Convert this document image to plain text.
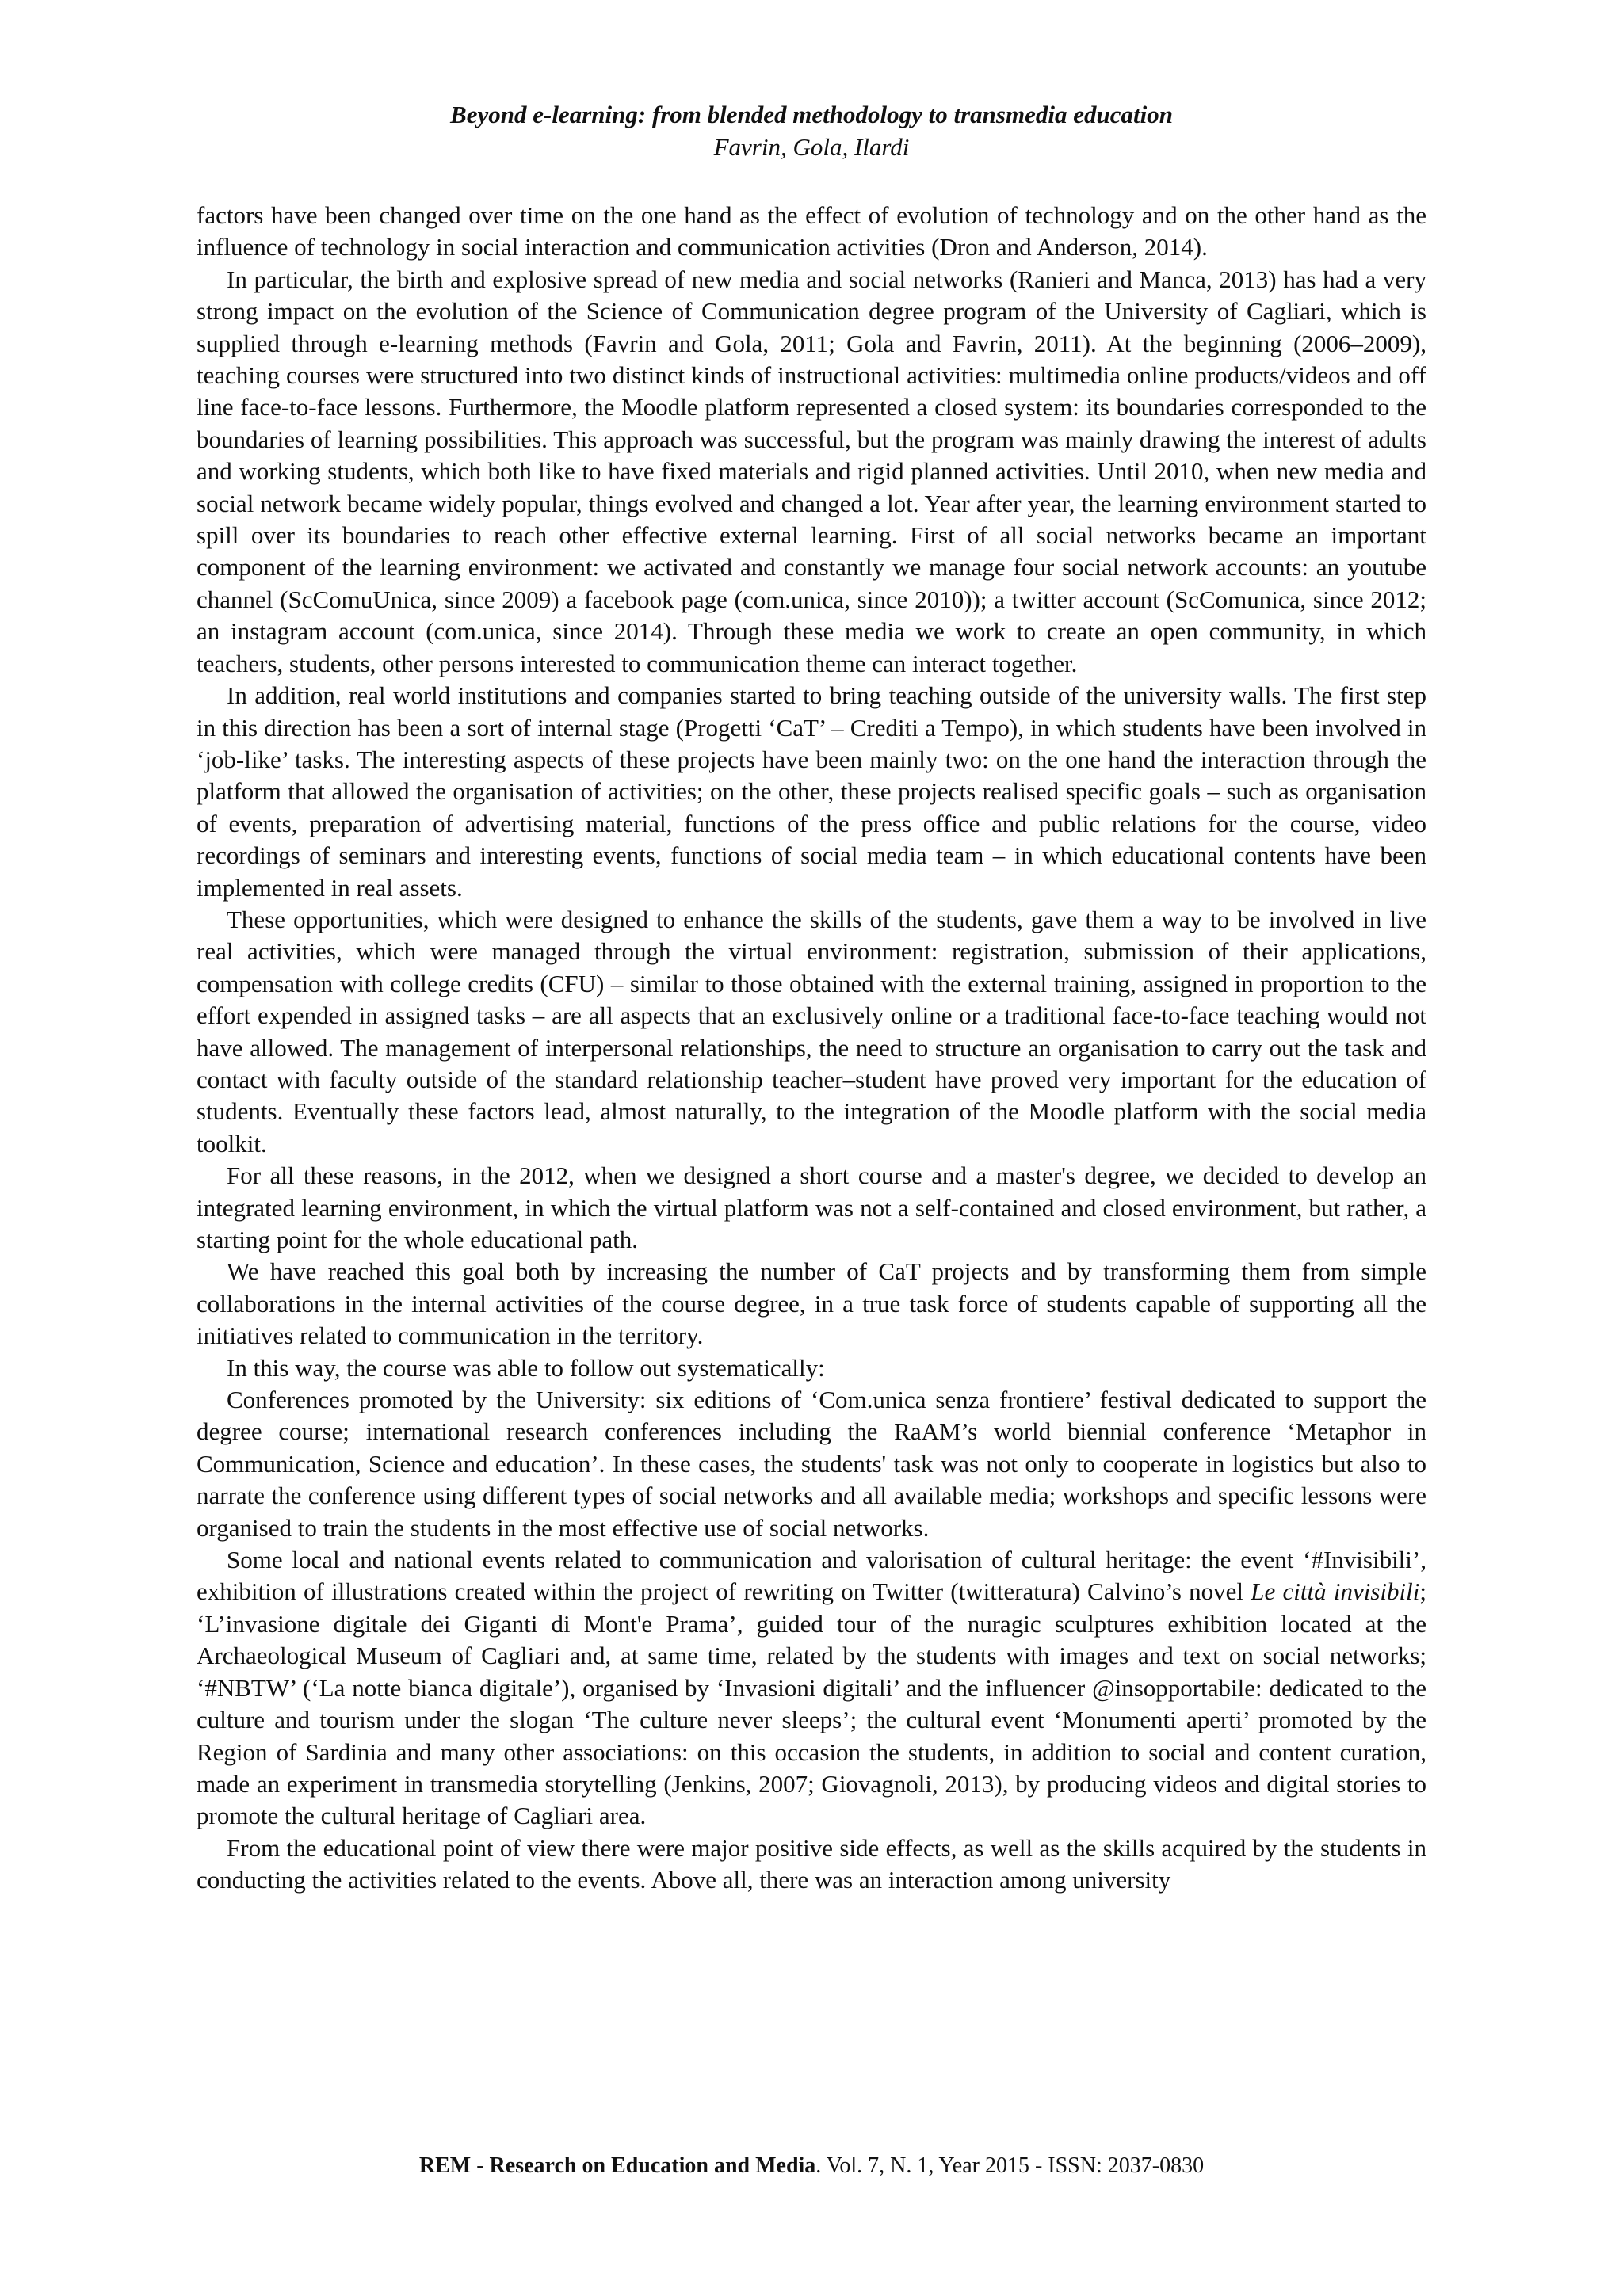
Beyond e-learning: from blended methodology to transmedia education
Favrin, Gola, Ilardi

factors have been changed over time on the one hand as the effect of evolution of technology and on the other hand as the influence of technology in social interaction and communication activities (Dron and Anderson, 2014).

In particular, the birth and explosive spread of new media and social networks (Ranieri and Manca, 2013) has had a very strong impact on the evolution of the Science of Communication degree program of the University of Cagliari, which is supplied through e-learning methods (Favrin and Gola, 2011; Gola and Favrin, 2011). At the beginning (2006–2009), teaching courses were structured into two distinct kinds of instructional activities: multimedia online products/videos and off line face-to-face lessons. Furthermore, the Moodle platform represented a closed system: its boundaries corresponded to the boundaries of learning possibilities. This approach was successful, but the program was mainly drawing the interest of adults and working students, which both like to have fixed materials and rigid planned activities. Until 2010, when new media and social network became widely popular, things evolved and changed a lot. Year after year, the learning environment started to spill over its boundaries to reach other effective external learning. First of all social networks became an important component of the learning environment: we activated and constantly we manage four social network accounts: an youtube channel (ScComuUnica, since 2009) a facebook page (com.unica, since 2010)); a twitter account (ScComunica, since 2012; an instagram account (com.unica, since 2014). Through these media we work to create an open community, in which teachers, students, other persons interested to communication theme can interact together.

In addition, real world institutions and companies started to bring teaching outside of the university walls. The first step in this direction has been a sort of internal stage (Progetti ‘CaT’ – Crediti a Tempo), in which students have been involved in ‘job-like’ tasks. The interesting aspects of these projects have been mainly two: on the one hand the interaction through the platform that allowed the organisation of activities; on the other, these projects realised specific goals – such as organisation of events, preparation of advertising material, functions of the press office and public relations for the course, video recordings of seminars and interesting events, functions of social media team – in which educational contents have been implemented in real assets.

These opportunities, which were designed to enhance the skills of the students, gave them a way to be involved in live real activities, which were managed through the virtual environment: registration, submission of their applications, compensation with college credits (CFU) – similar to those obtained with the external training, assigned in proportion to the effort expended in assigned tasks – are all aspects that an exclusively online or a traditional face-to-face teaching would not have allowed. The management of interpersonal relationships, the need to structure an organisation to carry out the task and contact with faculty outside of the standard relationship teacher–student have proved very important for the education of students. Eventually these factors lead, almost naturally, to the integration of the Moodle platform with the social media toolkit.

For all these reasons, in the 2012, when we designed a short course and a master's degree, we decided to develop an integrated learning environment, in which the virtual platform was not a self-contained and closed environment, but rather, a starting point for the whole educational path.

We have reached this goal both by increasing the number of CaT projects and by transforming them from simple collaborations in the internal activities of the course degree, in a true task force of students capable of supporting all the initiatives related to communication in the territory.

In this way, the course was able to follow out systematically:

Conferences promoted by the University: six editions of ‘Com.unica senza frontiere’ festival dedicated to support the degree course; international research conferences including the RaAM’s world biennial conference ‘Metaphor in Communication, Science and education’. In these cases, the students' task was not only to cooperate in logistics but also to narrate the conference using different types of social networks and all available media; workshops and specific lessons were organised to train the students in the most effective use of social networks.

Some local and national events related to communication and valorisation of cultural heritage: the event ‘#Invisibili’, exhibition of illustrations created within the project of rewriting on Twitter (twitteratura) Calvino’s novel Le città invisibili; ‘L’invasione digitale dei Giganti di Mont'e Prama’, guided tour of the nuragic sculptures exhibition located at the Archaeological Museum of Cagliari and, at same time, related by the students with images and text on social networks; ‘#NBTW’ (‘La notte bianca digitale’), organised by ‘Invasioni digitali’ and the influencer @insopportabile: dedicated to the culture and tourism under the slogan ‘The culture never sleeps’; the cultural event ‘Monumenti aperti’ promoted by the Region of Sardinia and many other associations: on this occasion the students, in addition to social and content curation, made an experiment in transmedia storytelling (Jenkins, 2007; Giovagnoli, 2013), by producing videos and digital stories to promote the cultural heritage of Cagliari area.

From the educational point of view there were major positive side effects, as well as the skills acquired by the students in conducting the activities related to the events. Above all, there was an interaction among university

REM - Research on Education and Media. Vol. 7, N. 1, Year 2015 - ISSN: 2037-0830
